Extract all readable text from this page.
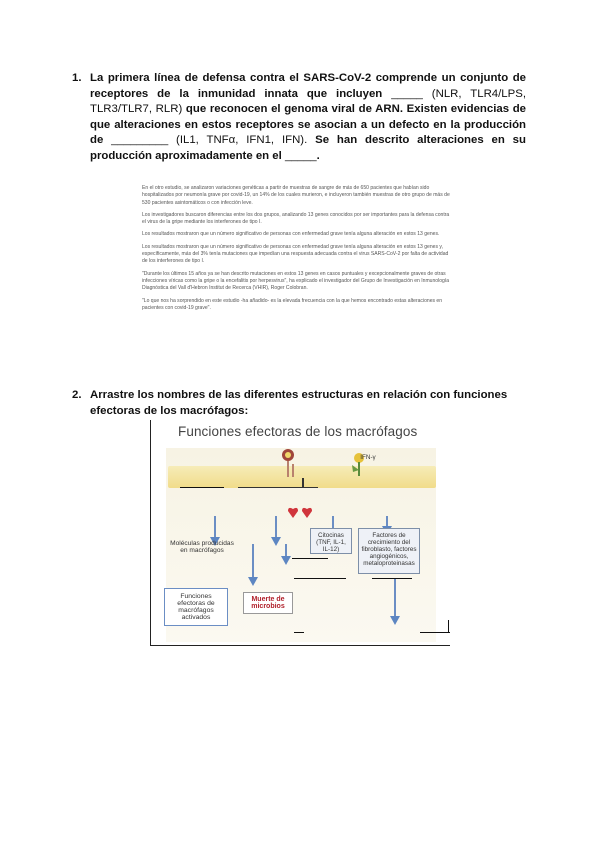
1. La primera línea de defensa contra el SARS-CoV-2 comprende un conjunto de receptores de la inmunidad innata que incluyen _____ (NLR, TLR4/LPS, TLR3/TLR7, RLR) que reconocen el genoma viral de ARN. Existen evidencias de que alteraciones en estos receptores se asocian a un defecto en la producción de _________ (IL1, TNFα, IFN1, IFN). Se han descrito alteraciones en su producción aproximadamente en el _____.

En el otro estudio, se analizaron variaciones genéticas a partir de muestras de sangre de más de 650 pacientes que habían sido hospitalizados por neumonía grave por covid-19, un 14% de los cuales murieron, e incluyeron también muestras de otro grupo de más de 530 pacientes asintomáticos o con infección leve.

Los investigadores buscaron diferencias entre los dos grupos, analizando 13 genes conocidos por ser importantes para la defensa contra el virus de la gripe mediante los interferones de tipo I.

Los resultados mostraron que un número significativo de personas con enfermedad grave tenía alguna alteración en estos 13 genes.

Los resultados mostraron que un número significativo de personas con enfermedad grave tenía alguna alteración en estos 13 genes y, específicamente, más del 3% tenía mutaciones que impedían una respuesta adecuada contra el virus SARS-CoV-2 por falta de actividad de los interferones de tipo I.

"Durante los últimos 15 años ya se han descrito mutaciones en estos 13 genes en casos puntuales y excepcionalmente graves de otras infecciones víricas como la gripe o la encefalitis por herpesvirus", ha explicado el investigador del Grupo de Investigación en Inmunología Diagnóstica del Vall d'Hebron Institut de Recerca (VHIR), Roger Colobran.

"Lo que nos ha sorprendido en este estudio -ha añadido- es la elevada frecuencia con la que hemos encontrado estas alteraciones en pacientes con covid-19 grave".

2. Arrastre los nombres de las diferentes estructuras en relación con funciones efectoras de los macrófagos:
Funciones efectoras de los macrófagos
IFN-γ
Moléculas producidas en macrófagos
Citocinas (TNF, IL-1, IL-12)
Factores de crecimiento del fibroblasto, factores angiogénicos, metaloproteinasas
Funciones efectoras de macrófagos activados
Muerte de microbios
